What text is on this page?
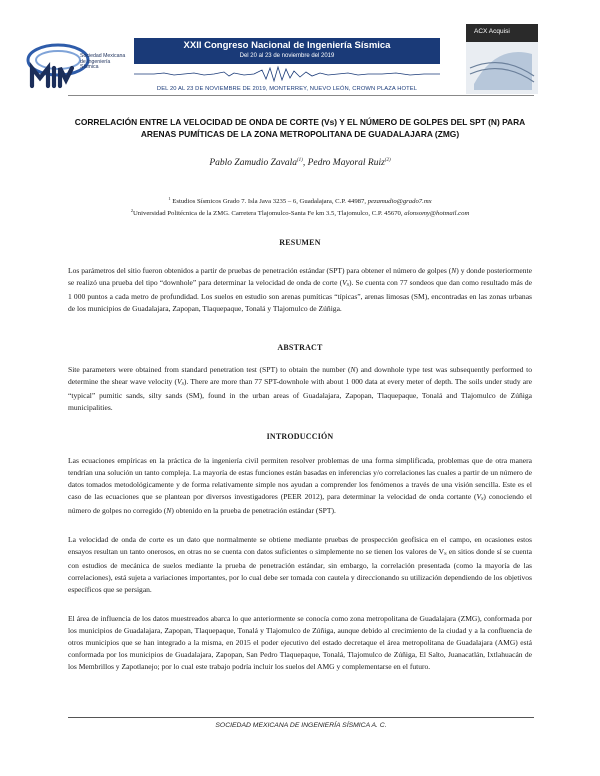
Sociedad Mexicana de Ingeniería Sísmica
XXII Congreso Nacional de Ingeniería Sísmica
Del 20 al 23 de noviembre del 2019
ACX Acquisi
DEL 20 AL 23 DE NOVIEMBRE DE 2019, MONTERREY, NUEVO LEÓN, CROWN PLAZA HOTEL
CORRELACIÓN ENTRE LA VELOCIDAD DE ONDA DE CORTE (Vs) Y EL NÚMERO DE GOLPES DEL SPT (N) PARA ARENAS PUMÍTICAS DE LA ZONA METROPOLITANA DE GUADALAJARA (ZMG)
Pablo Zamudio Zavala$^{(1)}$, Pedro Mayoral Ruiz$^{(2)}$
$^1$ Estudios Sísmicos Grado 7. Isla Java 3235 – 6, Guadalajara, C.P. 44987, pezamudio@grado7.mx
$^2$Universidad Politécnica de la ZMG. Carretera Tlajomulco-Santa Fe km 3.5, Tlajomulco, C.P. 45670, alonsomy@hotmail.com
RESUMEN
Los parámetros del sitio fueron obtenidos a partir de pruebas de penetración estándar (SPT) para obtener el número de golpes (N) y donde posteriormente se realizó una prueba del tipo “downhole” para determinar la velocidad de onda de corte $(V_S)$. Se cuenta con 77 sondeos que dan como resultado más de 1 000 puntos a cada metro de profundidad. Los suelos en estudio son arenas pumíticas “típicas”, arenas limosas (SM), encontradas en las zonas urbanas de los municipios de Guadalajara, Zapopan, Tlaquepaque, Tonalá y Tlajomulco de Zúñiga.
ABSTRACT
Site parameters were obtained from standard penetration test (SPT) to obtain the number (N) and downhole type test was subsequently performed to determine the shear wave velocity $(V_S)$. There are more than 77 SPT-downhole with about 1 000 data at every meter of depth. The soils under study are “typical” pumitic sands, silty sands (SM), found in the urban areas of Guadalajara, Zapopan, Tlaquepaque, Tonalá and Tlajomulco de Zúñiga municipalities.
INTRODUCCIÓN
Las ecuaciones empíricas en la práctica de la ingeniería civil permiten resolver problemas de una forma simplificada, problemas que de otra manera tendrían una solución un tanto compleja. La mayoría de estas funciones están basadas en inferencias y/o correlaciones las cuales a partir de un número de datos tomados metodológicamente y de forma relativamente simple nos ayudan a comprender los fenómenos a través de una visión sencilla. Este es el caso de las ecuaciones que se plantean por diversos investigadores (PEER 2012), para determinar la velocidad de onda cortante $(V_S)$ conociendo el número de golpes no corregido (N) obtenido en la prueba de penetración estándar (SPT).
La velocidad de onda de corte es un dato que normalmente se obtiene mediante pruebas de prospección geofísica en el campo, en ocasiones estos ensayos resultan un tanto onerosos, en otras no se cuenta con datos suficientes o simplemente no se tienen los valores de $V_S$ en sitios donde sí se cuenta con estudios de mecánica de suelos mediante la prueba de penetración estándar, sin embargo, la correlación presentada (como la mayoría de las correlaciones), está sujeta a variaciones importantes, por lo cual debe ser tomada con cautela y direccionando su utilización dependiendo de los objetivos específicos que se persigan.
El área de influencia de los datos muestreados abarca lo que anteriormente se conocía como zona metropolitana de Guadalajara (ZMG), conformada por los municipios de Guadalajara, Zapopan, Tlaquepaque, Tonalá y Tlajomulco de Zúñiga, aunque debido al crecimiento de la ciudad y a la confluencia de otros municipios que se han integrado a la misma, en 2015 el poder ejecutivo del estado decretaque el área metropolitana de Guadalajara (AMG) está conformada por los municipios de Guadalajara, Zapopan, San Pedro Tlaquepaque, Tonalá, Tlajomulco de Zúñiga, El Salto, Juanacatlán, Ixtlahuacán de los Membrillos y Zapotlanejo; por lo cual este trabajo podría incluir los suelos del AMG y complementarse en el futuro.
SOCIEDAD MEXICANA DE INGENIERÍA SÍSMICA A. C.
